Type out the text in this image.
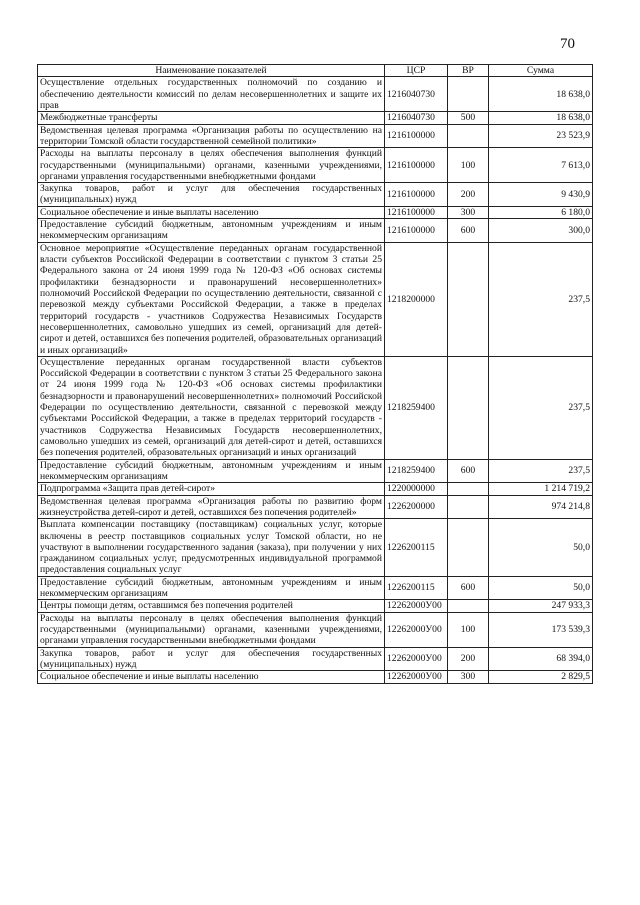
70
Наименование показателей	ЦСР	ВР	Сумма
Осуществление отдельных государственных полномочий по созданию и обеспечению деятельности комиссий по делам несовершеннолетних и защите их прав	1216040730		18 638,0
Межбюджетные трансферты	1216040730	500	18 638,0
Ведомственная целевая программа «Организация работы по осуществлению на территории Томской области государственной семейной политики»	1216100000		23 523,9
Расходы на выплаты персоналу в целях обеспечения выполнения функций государственными (муниципальными) органами, казенными учреждениями, органами управления государственными внебюджетными фондами	1216100000	100	7 613,0
Закупка товаров, работ и услуг для обеспечения государственных (муниципальных) нужд	1216100000	200	9 430,9
Социальное обеспечение и иные выплаты населению	1216100000	300	6 180,0
Предоставление субсидий бюджетным, автономным учреждениям и иным некоммерческим организациям	1216100000	600	300,0
Основное мероприятие «Осуществление переданных органам государственной власти субъектов Российской Федерации в соответствии с пунктом 3 статьи 25 Федерального закона от 24 июня 1999 года № 120-ФЗ «Об основах системы профилактики безнадзорности и правонарушений несовершеннолетних» полномочий Российской Федерации по осуществлению деятельности, связанной с перевозкой между субъектами Российской Федерации, а также в пределах территорий государств - участников Содружества Независимых Государств несовершеннолетних, самовольно ушедших из семей, организаций для детей-сирот и детей, оставшихся без попечения родителей, образовательных организаций и иных организаций»	1218200000		237,5
Осуществление переданных органам государственной власти субъектов Российской Федерации в соответствии с пунктом 3 статьи 25 Федерального закона от 24 июня 1999 года № 120-ФЗ «Об основах системы профилактики безнадзорности и правонарушений несовершеннолетних» полномочий Российской Федерации по осуществлению деятельности, связанной с перевозкой между субъектами Российской Федерации, а также в пределах территорий государств - участников Содружества Независимых Государств несовершеннолетних, самовольно ушедших из семей, организаций для детей-сирот и детей, оставшихся без попечения родителей, образовательных организаций и иных организаций	1218259400		237,5
Предоставление субсидий бюджетным, автономным учреждениям и иным некоммерческим организациям	1218259400	600	237,5
Подпрограмма «Защита прав детей-сирот»	1220000000		1 214 719,2
Ведомственная целевая программа «Организация работы по развитию форм жизнеустройства детей-сирот и детей, оставшихся без попечения родителей»	1226200000		974 214,8
Выплата компенсации поставщику (поставщикам) социальных услуг, которые включены в реестр поставщиков социальных услуг Томской области, но не участвуют в выполнении государственного задания (заказа), при получении у них гражданином социальных услуг, предусмотренных индивидуальной программой предоставления социальных услуг	1226200115		50,0
Предоставление субсидий бюджетным, автономным учреждениям и иным некоммерческим организациям	1226200115	600	50,0
Центры помощи детям, оставшимся без попечения родителей	12262000У00		247 933,3
Расходы на выплаты персоналу в целях обеспечения выполнения функций государственными (муниципальными) органами, казенными учреждениями, органами управления государственными внебюджетными фондами	12262000У00	100	173 539,3
Закупка товаров, работ и услуг для обеспечения государственных (муниципальных) нужд	12262000У00	200	68 394,0
Социальное обеспечение и иные выплаты населению	12262000У00	300	2 829,5
